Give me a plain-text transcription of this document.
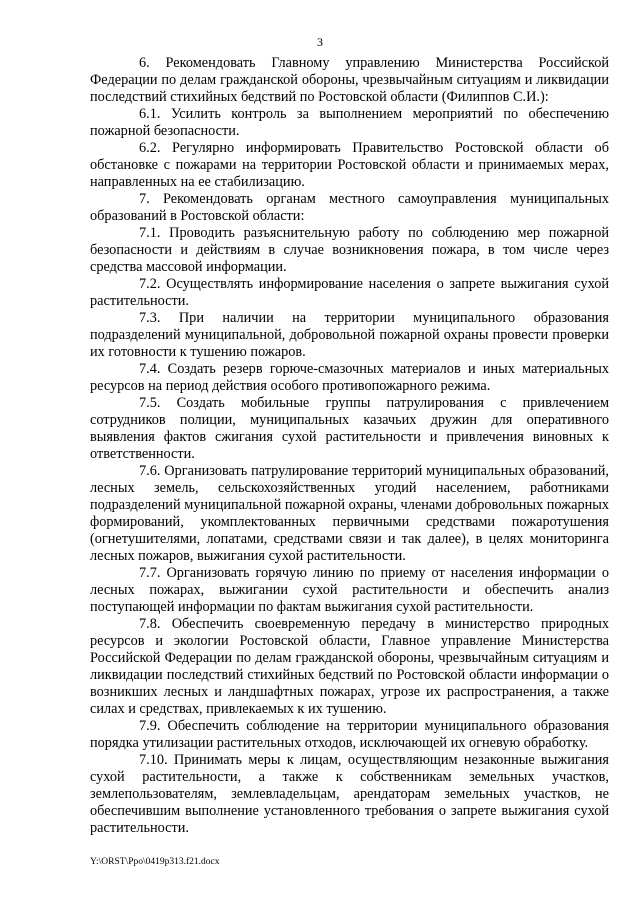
3

6. Рекомендовать Главному управлению Министерства Российской Федерации по делам гражданской обороны, чрезвычайным ситуациям и ликвидации последствий стихийных бедствий по Ростовской области (Филиппов С.И.):

6.1. Усилить контроль за выполнением мероприятий по обеспечению пожарной безопасности.

6.2. Регулярно информировать Правительство Ростовской области об обстановке с пожарами на территории Ростовской области и принимаемых мерах, направленных на ее стабилизацию.

7. Рекомендовать органам местного самоуправления муниципальных образований в Ростовской области:

7.1. Проводить разъяснительную работу по соблюдению мер пожарной безопасности и действиям в случае возникновения пожара, в том числе через средства массовой информации.

7.2. Осуществлять информирование населения о запрете выжигания сухой растительности.

7.3. При наличии на территории муниципального образования подразделений муниципальной, добровольной пожарной охраны провести проверки их готовности к тушению пожаров.

7.4. Создать резерв горюче-смазочных материалов и иных материальных ресурсов на период действия особого противопожарного режима.

7.5. Создать мобильные группы патрулирования с привлечением сотрудников полиции, муниципальных казачьих дружин для оперативного выявления фактов сжигания сухой растительности и привлечения виновных к ответственности.

7.6. Организовать патрулирование территорий муниципальных образований, лесных земель, сельскохозяйственных угодий населением, работниками подразделений муниципальной пожарной охраны, членами добровольных пожарных формирований, укомплектованных первичными средствами пожаротушения (огнетушителями, лопатами, средствами связи и так далее), в целях мониторинга лесных пожаров, выжигания сухой растительности.

7.7. Организовать горячую линию по приему от населения информации о лесных пожарах, выжигании сухой растительности и обеспечить анализ поступающей информации по фактам выжигания сухой растительности.

7.8. Обеспечить своевременную передачу в министерство природных ресурсов и экологии Ростовской области, Главное управление Министерства Российской Федерации по делам гражданской обороны, чрезвычайным ситуациям и ликвидации последствий стихийных бедствий по Ростовской области информации о возникших лесных и ландшафтных пожарах, угрозе их распространения, а также силах и средствах, привлекаемых к их тушению.

7.9. Обеспечить соблюдение на территории муниципального образования порядка утилизации растительных отходов, исключающей их огневую обработку.

7.10. Принимать меры к лицам, осуществляющим незаконные выжигания сухой растительности, а также к собственникам земельных участков, землепользователям, землевладельцам, арендаторам земельных участков, не обеспечившим выполнение установленного требования о запрете выжигания сухой растительности.

Y:\ORST\Ppo\0419p313.f21.docx
